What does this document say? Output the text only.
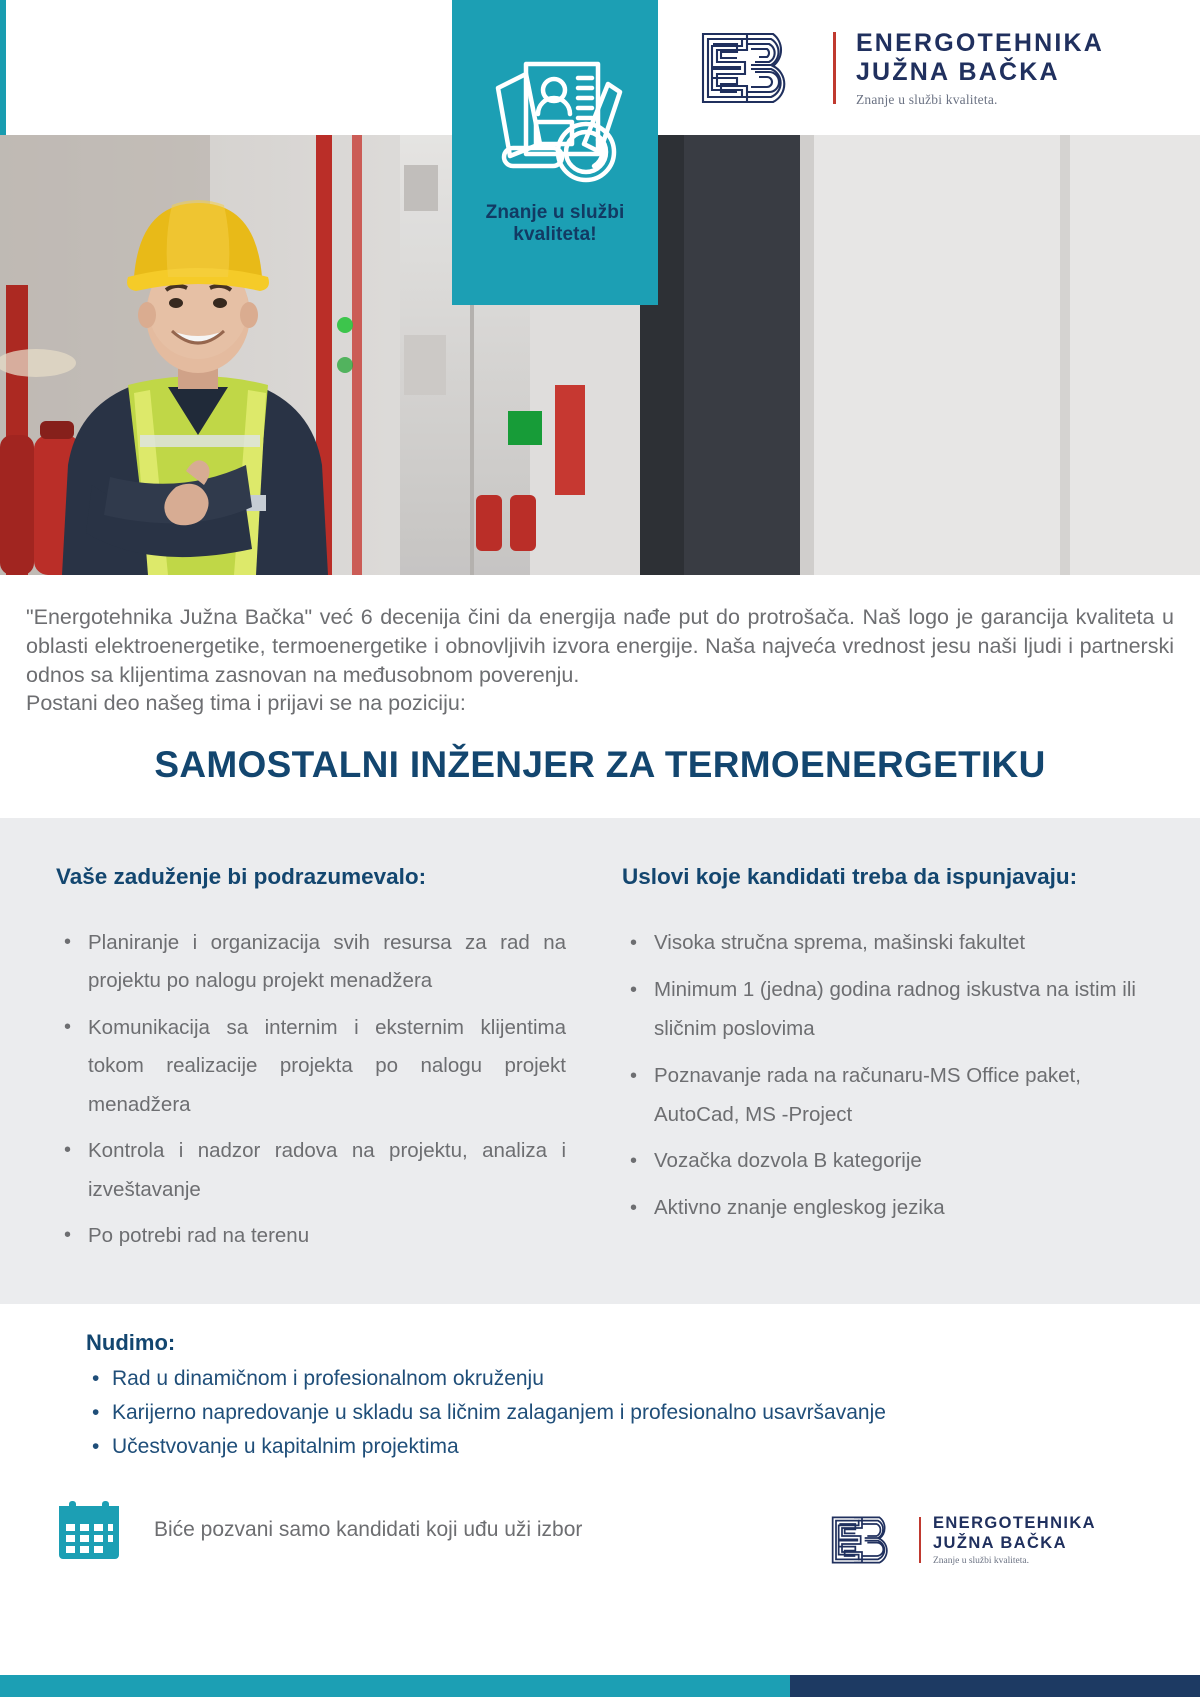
ENERGOTEHNIKA
JUŽNA BAČKA
Znanje u službi kvaliteta.
Znanje u službi
kvaliteta!
"Energotehnika Južna Bačka" već 6 decenija čini da energija nađe put do protrošača. Naš logo je garancija kvaliteta u oblasti elektroenergetike, termoenergetike i obnovljivih izvora energije. Naša najveća vrednost jesu naši ljudi i partnerski odnos sa klijentima zasnovan na međusobnom poverenju.
Postani deo našeg tima i prijavi se na poziciju:
SAMOSTALNI INŽENJER ZA TERMOENERGETIKU
Vaše zaduženje bi podrazumevalo:
• Planiranje i organizacija svih resursa za rad na projektu po nalogu projekt menadžera
• Komunikacija sa internim i eksternim klijentima tokom realizacije projekta po nalogu projekt menadžera
• Kontrola i nadzor radova na projektu, analiza i izveštavanje
• Po potrebi rad na terenu
Uslovi koje kandidati treba da ispunjavaju:
• Visoka stručna sprema, mašinski fakultet
• Minimum 1 (jedna) godina radnog iskustva na istim ili sličnim poslovima
• Poznavanje rada na računaru-MS Office paket, AutoCad, MS -Project
• Vozačka dozvola B kategorije
• Aktivno znanje engleskog jezika
Nudimo:
• Rad u dinamičnom i profesionalnom okruženju
• Karijerno napredovanje u skladu sa ličnim zalaganjem i profesionalno usavršavanje
• Učestvovanje u kapitalnim projektima
Biće pozvani samo kandidati koji uđu uži izbor	ENERGOTEHNIKA
JUŽNA BAČKA
Znanje u službi kvaliteta.
